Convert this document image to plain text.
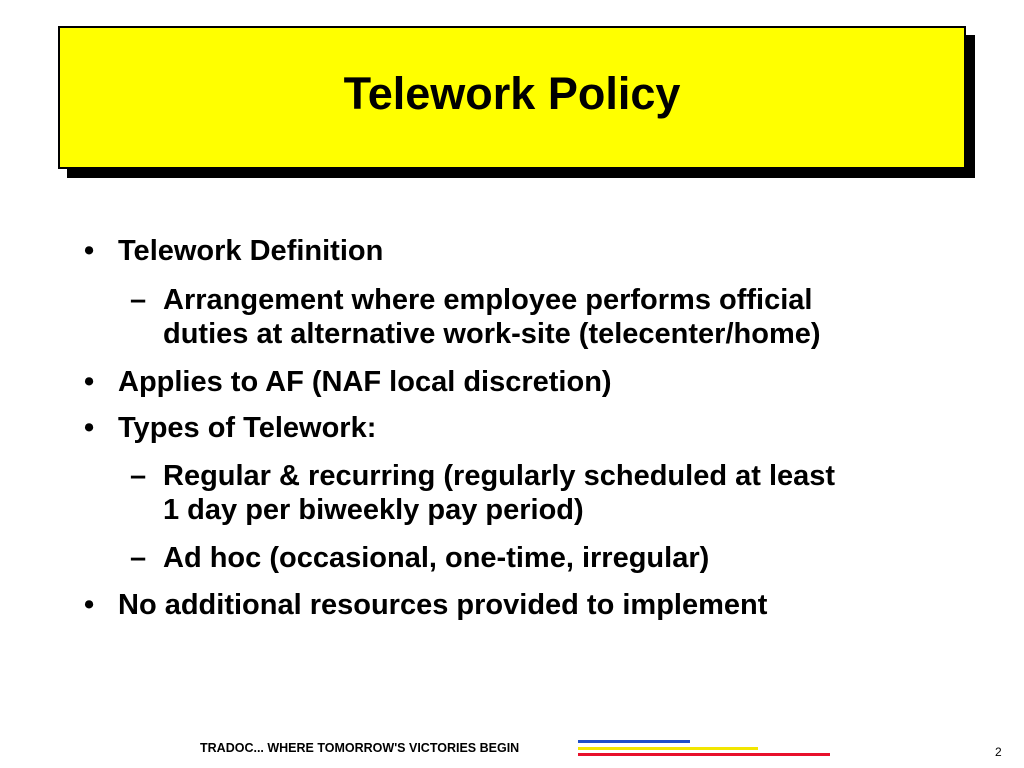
Telework Policy
• Telework Definition
– Arrangement where employee performs official
duties at alternative work-site (telecenter/home)
• Applies to AF (NAF local discretion)
• Types of Telework:
– Regular & recurring (regularly scheduled at least
1 day per biweekly pay period)
– Ad hoc (occasional, one-time, irregular)
• No additional resources provided to implement
TRADOC... WHERE TOMORROW'S VICTORIES BEGIN	2
